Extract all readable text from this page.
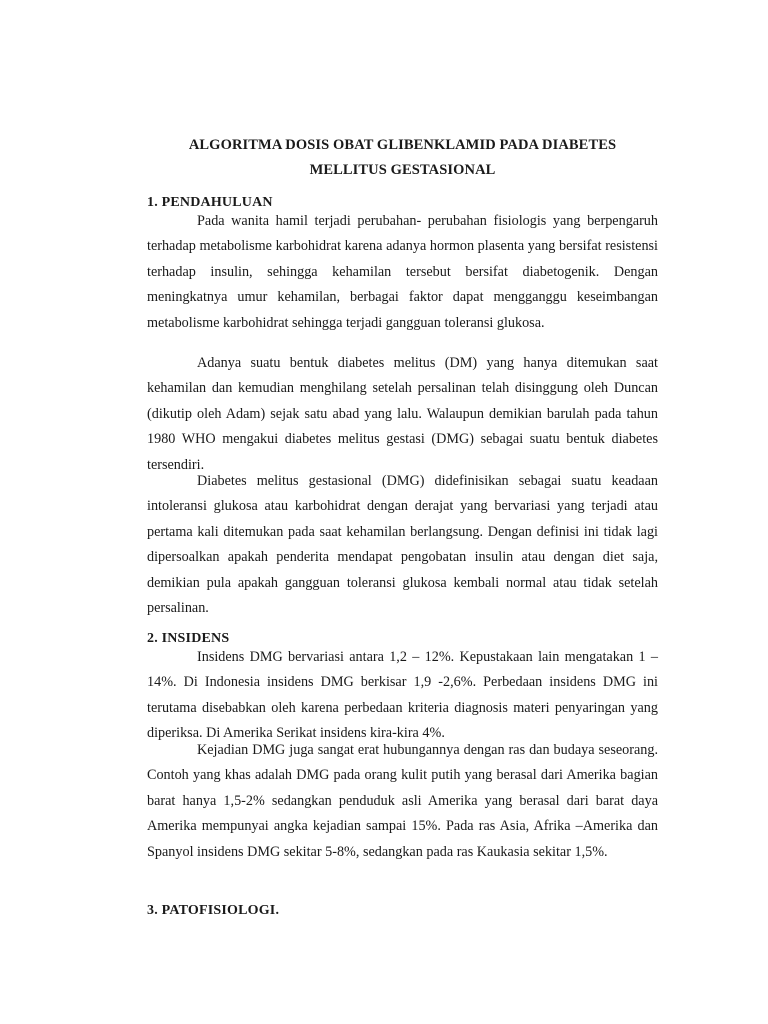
ALGORITMA DOSIS OBAT GLIBENKLAMID PADA DIABETES
MELLITUS GESTASIONAL
1. PENDAHULUAN

Pada wanita hamil terjadi perubahan- perubahan fisiologis yang berpengaruh terhadap metabolisme karbohidrat karena adanya hormon plasenta yang bersifat resistensi terhadap insulin, sehingga kehamilan tersebut bersifat diabetogenik. Dengan meningkatnya umur kehamilan, berbagai faktor dapat mengganggu keseimbangan metabolisme karbohidrat sehingga terjadi gangguan toleransi glukosa.

Adanya suatu bentuk diabetes melitus (DM) yang hanya ditemukan saat kehamilan dan kemudian menghilang setelah persalinan telah disinggung oleh Duncan (dikutip oleh Adam) sejak satu abad yang lalu. Walaupun demikian barulah pada tahun 1980 WHO mengakui diabetes melitus gestasi (DMG) sebagai suatu bentuk diabetes tersendiri.

Diabetes melitus gestasional (DMG) didefinisikan sebagai suatu keadaan intoleransi glukosa atau karbohidrat dengan derajat yang bervariasi yang terjadi atau pertama kali ditemukan pada saat kehamilan berlangsung. Dengan definisi ini tidak lagi dipersoalkan apakah penderita mendapat pengobatan insulin atau dengan diet saja, demikian pula apakah gangguan toleransi glukosa kembali normal atau tidak setelah persalinan.

2. INSIDENS

Insidens DMG bervariasi antara 1,2 – 12%. Kepustakaan lain mengatakan 1 – 14%. Di Indonesia insidens DMG berkisar 1,9 -2,6%. Perbedaan insidens DMG ini terutama disebabkan oleh karena perbedaan kriteria diagnosis materi penyaringan yang diperiksa. Di Amerika Serikat insidens kira-kira 4%.

Kejadian DMG juga sangat erat hubungannya dengan ras dan budaya seseorang. Contoh yang khas adalah DMG pada orang kulit putih yang berasal dari Amerika bagian barat hanya 1,5-2% sedangkan penduduk asli Amerika yang berasal dari barat daya Amerika mempunyai angka kejadian sampai 15%. Pada ras Asia, Afrika –Amerika dan Spanyol insidens DMG sekitar 5-8%, sedangkan pada ras Kaukasia sekitar 1,5%.

3. PATOFISIOLOGI.
